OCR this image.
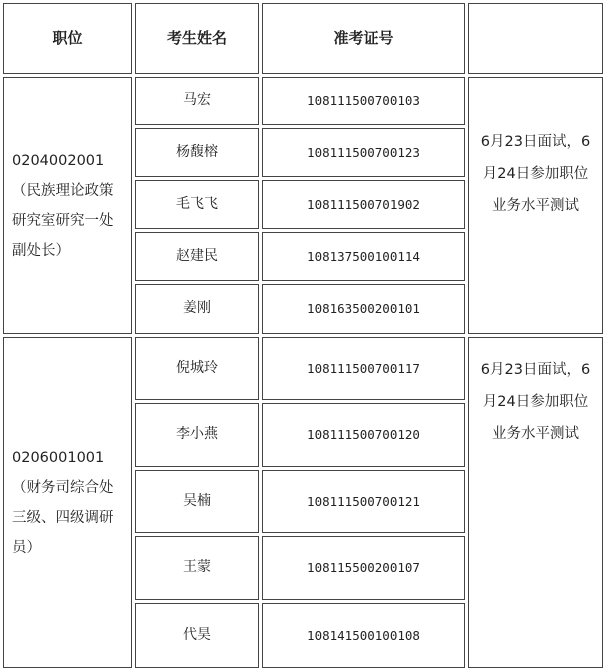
职位	考生姓名	准考证号
0204002001（民族理论政策研究室研究一处副处长）
马宏	108111500700103
杨馥榕	108111500700123
毛飞飞	108111500701902
赵建民	108137500100114
姜刚	108163500200101
6月23日面试，6月24日参加职位业务水平测试
0206001001（财务司综合处三级、四级调研员）
倪城玲	108111500700117
李小燕	108111500700120
吴楠	108111500700121
王蒙	108115500200107
代昊	108141500100108
6月23日面试，6月24日参加职位业务水平测试
